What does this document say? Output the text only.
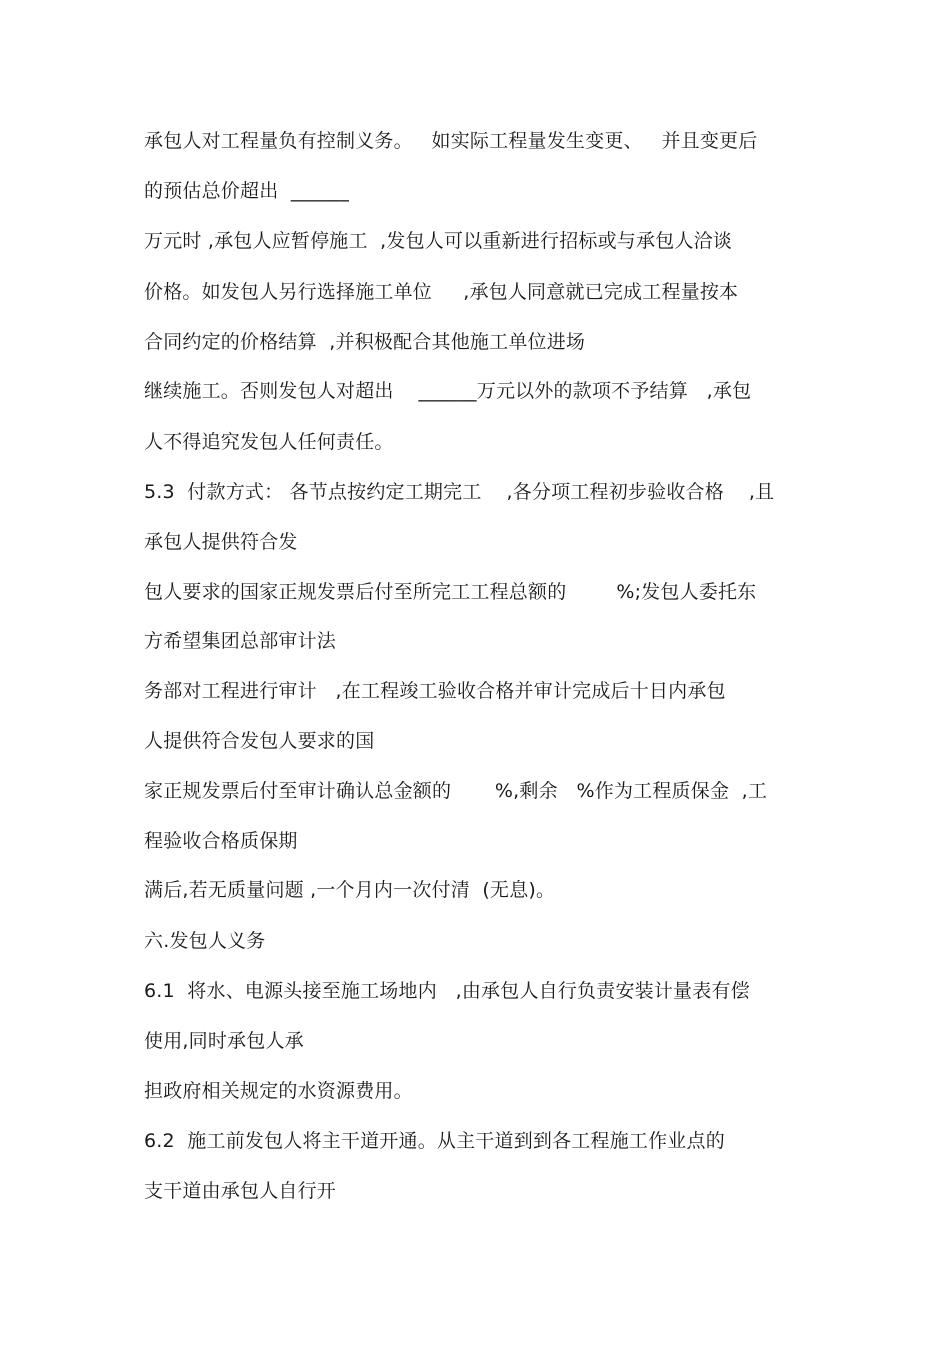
承包人对工程量负有控制义务。   如实际工程量发生变更、   并且变更后
的预估总价超出  ______
万元时 ,承包人应暂停施工  ,发包人可以重新进行招标或与承包人洽谈
价格。如发包人另行选择施工单位     ,承包人同意就已完成工程量按本
合同约定的价格结算  ,并积极配合其他施工单位进场
继续施工。否则发包人对超出    ______万元以外的款项不予结算   ,承包
人不得追究发包人任何责任。
5.3  付款方式： 各节点按约定工期完工    ,各分项工程初步验收合格    ,且
承包人提供符合发
包人要求的国家正规发票后付至所完工工程总额的        %;发包人委托东
方希望集团总部审计法
务部对工程进行审计   ,在工程竣工验收合格并审计完成后十日内承包
人提供符合发包人要求的国
家正规发票后付至审计确认总金额的       %,剩余   %作为工程质保金  ,工
程验收合格质保期
满后,若无质量问题 ,一个月内一次付清  (无息)。
六.发包人义务
6.1  将水、电源头接至施工场地内   ,由承包人自行负责安装计量表有偿
使用,同时承包人承
担政府相关规定的水资源费用。
6.2  施工前发包人将主干道开通。从主干道到到各工程施工作业点的
支干道由承包人自行开
